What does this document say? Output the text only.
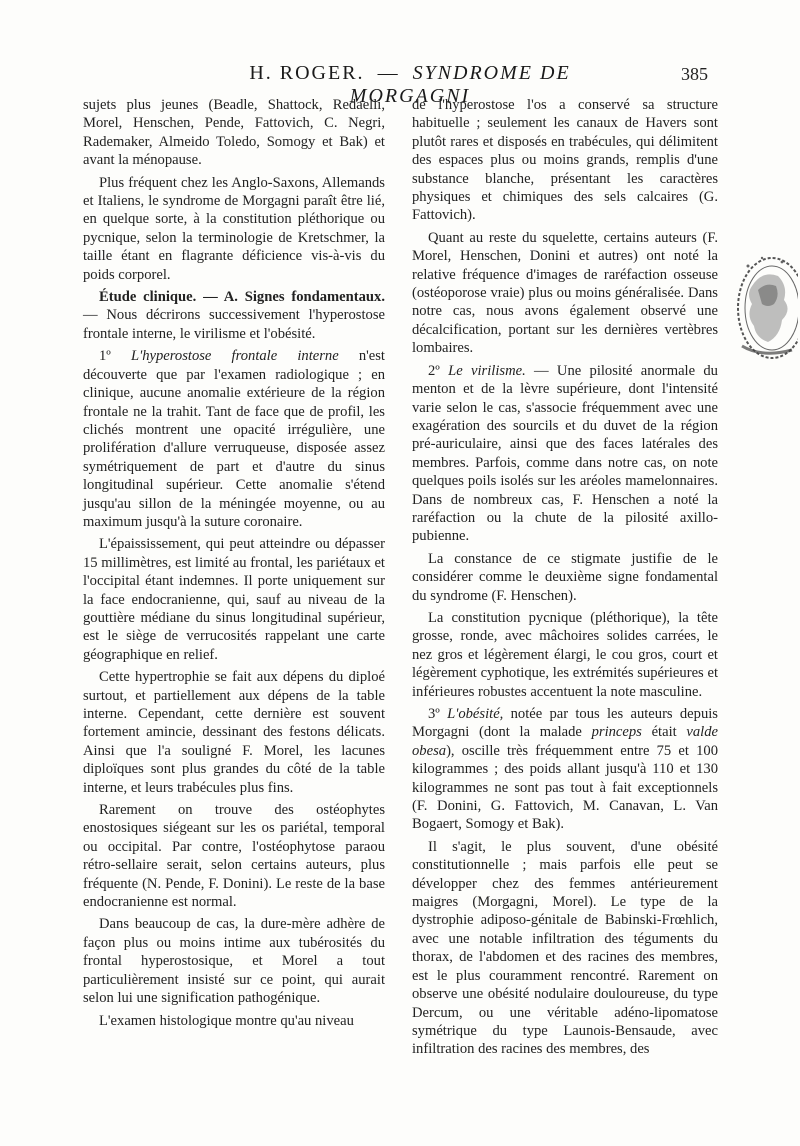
H. ROGER. — SYNDROME DE MORGAGNI
385

sujets plus jeunes (Beadle, Shattock, Redaelli, Morel, Henschen, Pende, Fattovich, C. Negri, Rademaker, Almeido Toledo, Somogy et Bak) et avant la ménopause.

Plus fréquent chez les Anglo-Saxons, Allemands et Italiens, le syndrome de Morgagni paraît être lié, en quelque sorte, à la constitution pléthorique ou pycnique, selon la terminologie de Kretschmer, la taille étant en flagrante déficience vis-à-vis du poids corporel.

Étude clinique. — A. Signes fondamentaux. — Nous décrirons successivement l'hyperostose frontale interne, le virilisme et l'obésité.

1º L'hyperostose frontale interne n'est découverte que par l'examen radiologique ; en clinique, aucune anomalie extérieure de la région frontale ne la trahit. Tant de face que de profil, les clichés montrent une opacité irrégulière, une prolifération d'allure verruqueuse, disposée assez symétriquement de part et d'autre du sinus longitudinal supérieur. Cette anomalie s'étend jusqu'au sillon de la méningée moyenne, ou au maximum jusqu'à la suture coronaire.

L'épaississement, qui peut atteindre ou dépasser 15 millimètres, est limité au frontal, les pariétaux et l'occipital étant indemnes. Il porte uniquement sur la face endocranienne, qui, sauf au niveau de la gouttière médiane du sinus longitudinal supérieur, est le siège de verrucosités rappelant une carte géographique en relief.

Cette hypertrophie se fait aux dépens du diploé surtout, et partiellement aux dépens de la table interne. Cependant, cette dernière est souvent fortement amincie, dessinant des festons délicats. Ainsi que l'a souligné F. Morel, les lacunes diploïques sont plus grandes du côté de la table interne, et leurs trabécules plus fins.

Rarement on trouve des ostéophytes enostosiques siégeant sur les os pariétal, temporal ou occipital. Par contre, l'ostéophytose paraou rétro-sellaire serait, selon certains auteurs, plus fréquente (N. Pende, F. Donini). Le reste de la base endocranienne est normal.

Dans beaucoup de cas, la dure-mère adhère de façon plus ou moins intime aux tubérosités du frontal hyperostosique, et Morel a tout particulièrement insisté sur ce point, qui aurait selon lui une signification pathogénique.

L'examen histologique montre qu'au niveau

de l'hyperostose l'os a conservé sa structure habituelle ; seulement les canaux de Havers sont plutôt rares et disposés en trabécules, qui délimitent des espaces plus ou moins grands, remplis d'une substance blanche, présentant les caractères physiques et chimiques des sels calcaires (G. Fattovich).

Quant au reste du squelette, certains auteurs (F. Morel, Henschen, Donini et autres) ont noté la relative fréquence d'images de raréfaction osseuse (ostéoporose vraie) plus ou moins généralisée. Dans notre cas, nous avons également observé une décalcification, portant sur les dernières vertèbres lombaires.

2º Le virilisme. — Une pilosité anormale du menton et de la lèvre supérieure, dont l'intensité varie selon le cas, s'associe fréquemment avec une exagération des sourcils et du duvet de la région pré-auriculaire, ainsi que des faces latérales des membres. Parfois, comme dans notre cas, on note quelques poils isolés sur les aréoles mamelonnaires. Dans de nombreux cas, F. Henschen a noté la raréfaction ou la chute de la pilosité axillo-pubienne.

La constance de ce stigmate justifie de le considérer comme le deuxième signe fondamental du syndrome (F. Henschen).

La constitution pycnique (pléthorique), la tête grosse, ronde, avec mâchoires solides carrées, le nez gros et légèrement élargi, le cou gros, court et légèrement cyphotique, les extrémités supérieures et inférieures robustes accentuent la note masculine.

3º L'obésité, notée par tous les auteurs depuis Morgagni (dont la malade princeps était valde obesa), oscille très fréquemment entre 75 et 100 kilogrammes ; des poids allant jusqu'à 110 et 130 kilogrammes ne sont pas tout à fait exceptionnels (F. Donini, G. Fattovich, M. Canavan, L. Van Bogaert, Somogy et Bak).

Il s'agit, le plus souvent, d'une obésité constitutionnelle ; mais parfois elle peut se développer chez des femmes antérieurement maigres (Morgagni, Morel). Le type de la dystrophie adiposo-génitale de Babinski-Frœhlich, avec une notable infiltration des téguments du thorax, de l'abdomen et des racines des membres, est le plus couramment rencontré. Rarement on observe une obésité nodulaire douloureuse, du type Dercum, ou une véritable adéno-lipomatose symétrique du type Launois-Bensaude, avec infiltration des racines des membres, des
